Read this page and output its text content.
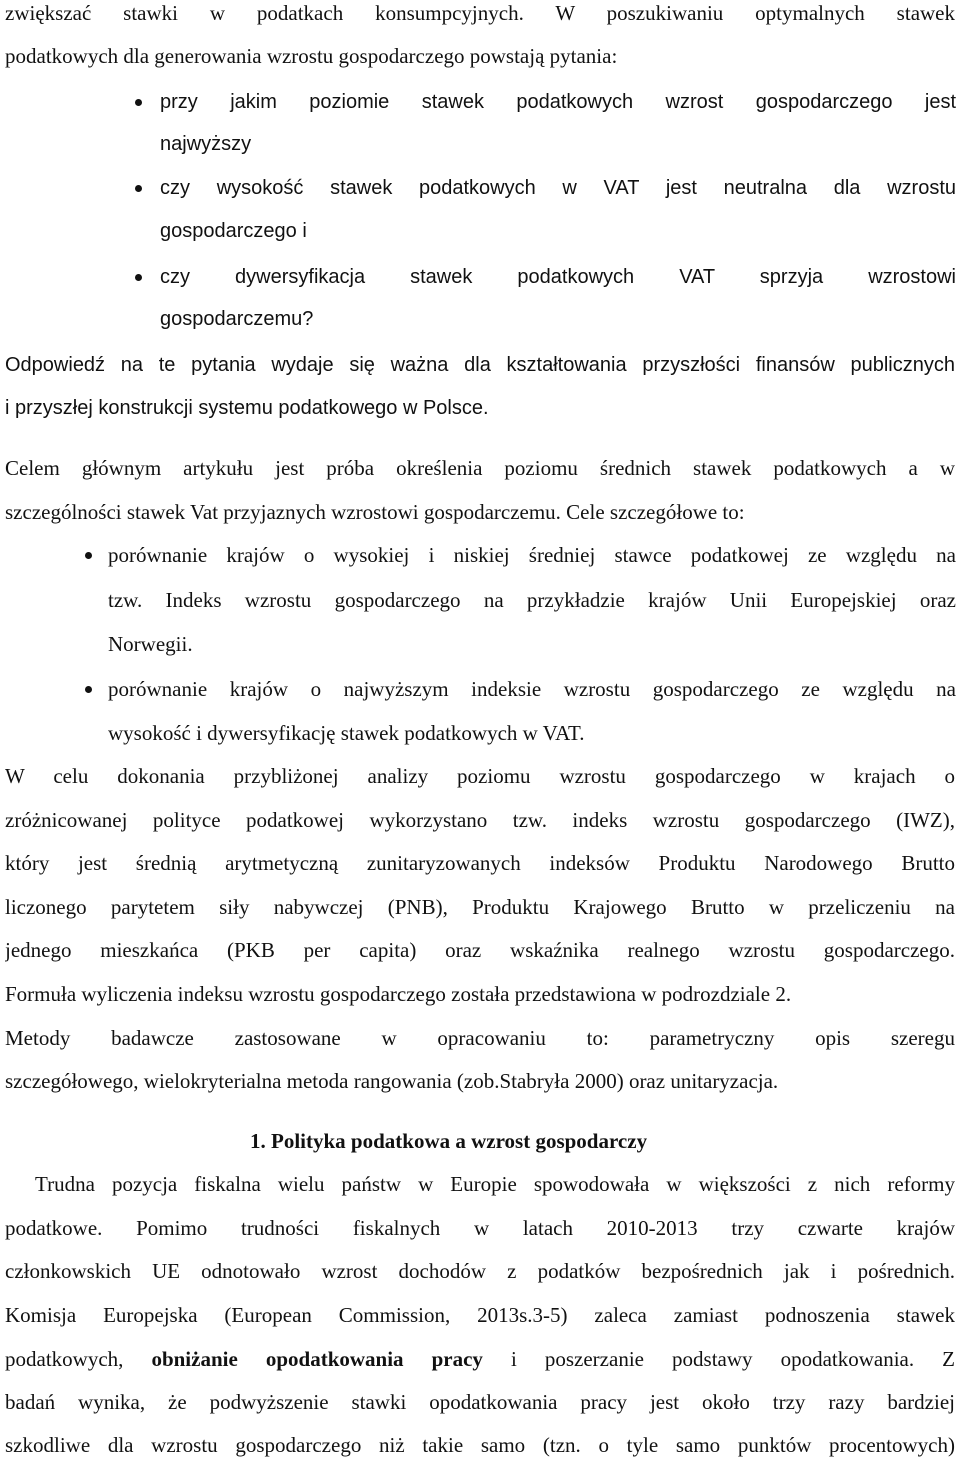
zwiększać stawki w podatkach konsumpcyjnych. W poszukiwaniu optymalnych stawek
podatkowych dla generowania wzrostu gospodarczego powstają pytania:
przy jakim poziomie stawek podatkowych wzrost gospodarczego jest
najwyższy
czy wysokość stawek podatkowych w VAT jest neutralna dla wzrostu
gospodarczego i
czy dywersyfikacja stawek podatkowych VAT sprzyja wzrostowi
gospodarczemu?
Odpowiedź na te pytania wydaje się ważna dla kształtowania przyszłości finansów publicznych
i przyszłej konstrukcji systemu podatkowego w Polsce.
Celem głównym artykułu jest próba określenia poziomu średnich stawek podatkowych a w
szczególności stawek Vat przyjaznych wzrostowi gospodarczemu. Cele szczegółowe to:
porównanie krajów o wysokiej i niskiej średniej stawce podatkowej ze względu na
tzw. Indeks wzrostu gospodarczego na przykładzie krajów Unii Europejskiej oraz
Norwegii.
porównanie krajów o najwyższym indeksie wzrostu gospodarczego ze względu na
wysokość i dywersyfikację stawek podatkowych w VAT.
W celu dokonania przybliżonej analizy poziomu wzrostu gospodarczego w krajach o
zróżnicowanej polityce podatkowej wykorzystano tzw. indeks wzrostu gospodarczego (IWZ),
który jest średnią arytmetyczną zunitaryzowanych indeksów Produktu Narodowego Brutto
liczonego parytetem siły nabywczej (PNB), Produktu Krajowego Brutto w przeliczeniu na
jednego mieszkańca (PKB per capita) oraz wskaźnika realnego wzrostu gospodarczego.
Formuła wyliczenia indeksu wzrostu gospodarczego została przedstawiona w podrozdziale 2.
Metody badawcze zastosowane w opracowaniu to: parametryczny opis szeregu
szczegółowego, wielokryterialna metoda rangowania (zob.Stabryła 2000) oraz unitaryzacja.
1. Polityka podatkowa a wzrost gospodarczy
Trudna pozycja fiskalna wielu państw w Europie spowodowała w większości z nich reformy
podatkowe. Pomimo trudności fiskalnych w latach 2010-2013 trzy czwarte krajów
członkowskich UE odnotowało wzrost dochodów z podatków bezpośrednich jak i pośrednich.
Komisja Europejska (European Commission, 2013s.3-5) zaleca zamiast podnoszenia stawek
podatkowych, obniżanie opodatkowania pracy i poszerzanie podstawy opodatkowania. Z
badań wynika, że podwyższenie stawki opodatkowania pracy jest około trzy razy bardziej
szkodliwe dla wzrostu gospodarczego niż takie samo (tzn. o tyle samo punktów procentowych)
